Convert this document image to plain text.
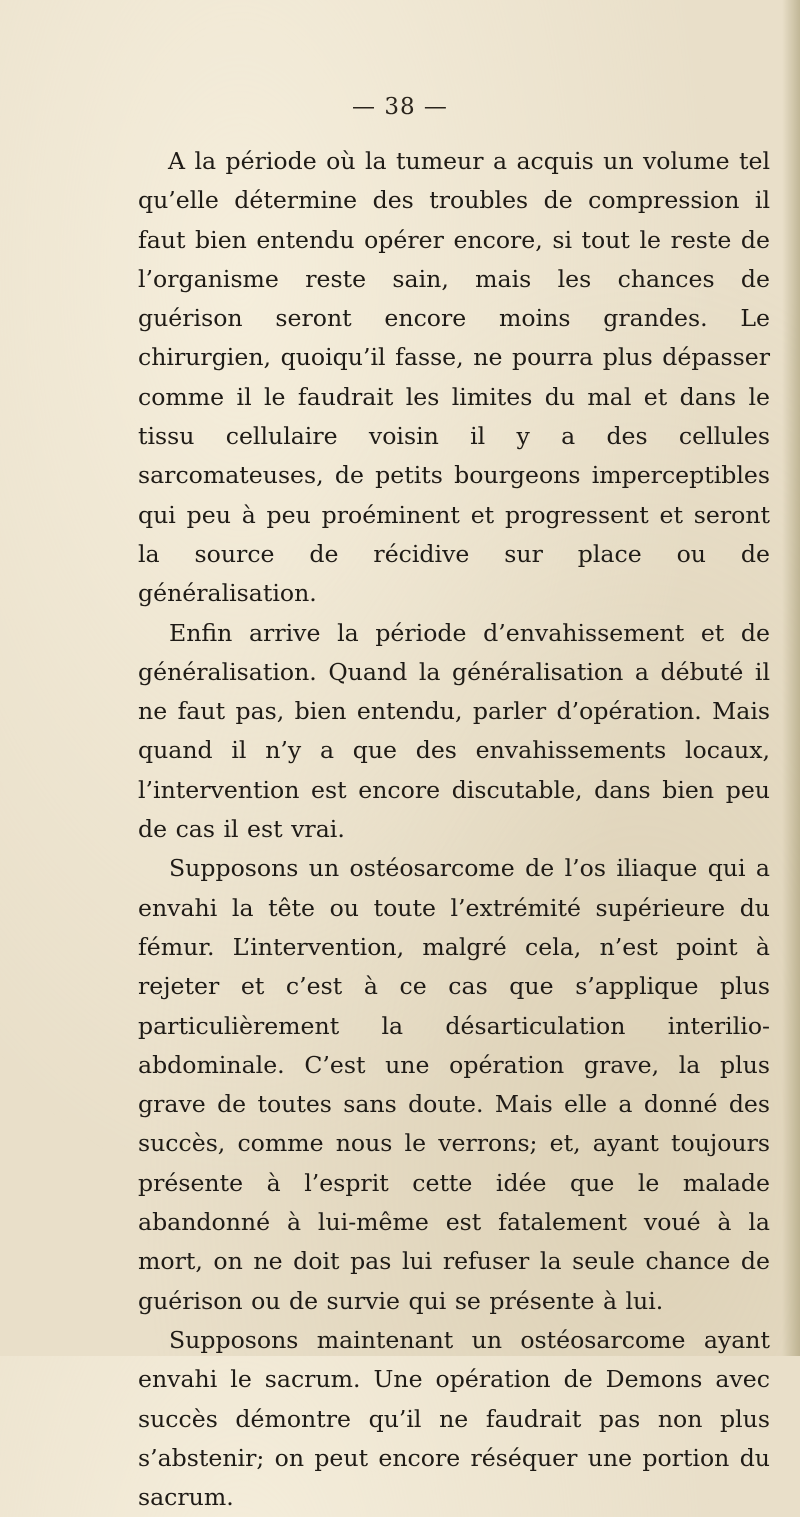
— 38 —

A la période où la tumeur a acquis un volume tel qu’elle détermine des troubles de compression il faut bien entendu opérer encore, si tout le reste de l’organisme reste sain, mais les chances de guérison seront encore moins grandes. Le chirurgien, quoiqu’il fasse, ne pourra plus dépasser comme il le faudrait les limites du mal et dans le tissu cellulaire voisin il y a des cellules sarcomateuses, de petits bourgeons imperceptibles qui peu à peu proéminent et progressent et seront la source de récidive sur place ou de généralisation.

Enfin arrive la période d’envahissement et de généralisation. Quand la généralisation a débuté il ne faut pas, bien entendu, parler d’opération. Mais quand il n’y a que des envahissements locaux, l’intervention est encore discutable, dans bien peu de cas il est vrai.

Supposons un ostéosarcome de l’os iliaque qui a envahi la tête ou toute l’extrémité supérieure du fémur. L’intervention, malgré cela, n’est point à rejeter et c’est à ce cas que s’applique plus particulièrement la désarticulation interilio-abdominale. C’est une opération grave, la plus grave de toutes sans doute. Mais elle a donné des succès, comme nous le verrons; et, ayant toujours présente à l’esprit cette idée que le malade abandonné à lui-même est fatalement voué à la mort, on ne doit pas lui refuser la seule chance de guérison ou de survie qui se présente à lui.

Supposons maintenant un ostéosarcome ayant envahi le sacrum. Une opération de Demons avec succès démontre qu’il ne faudrait pas non plus s’abstenir; on peut encore réséquer une portion du sacrum.
